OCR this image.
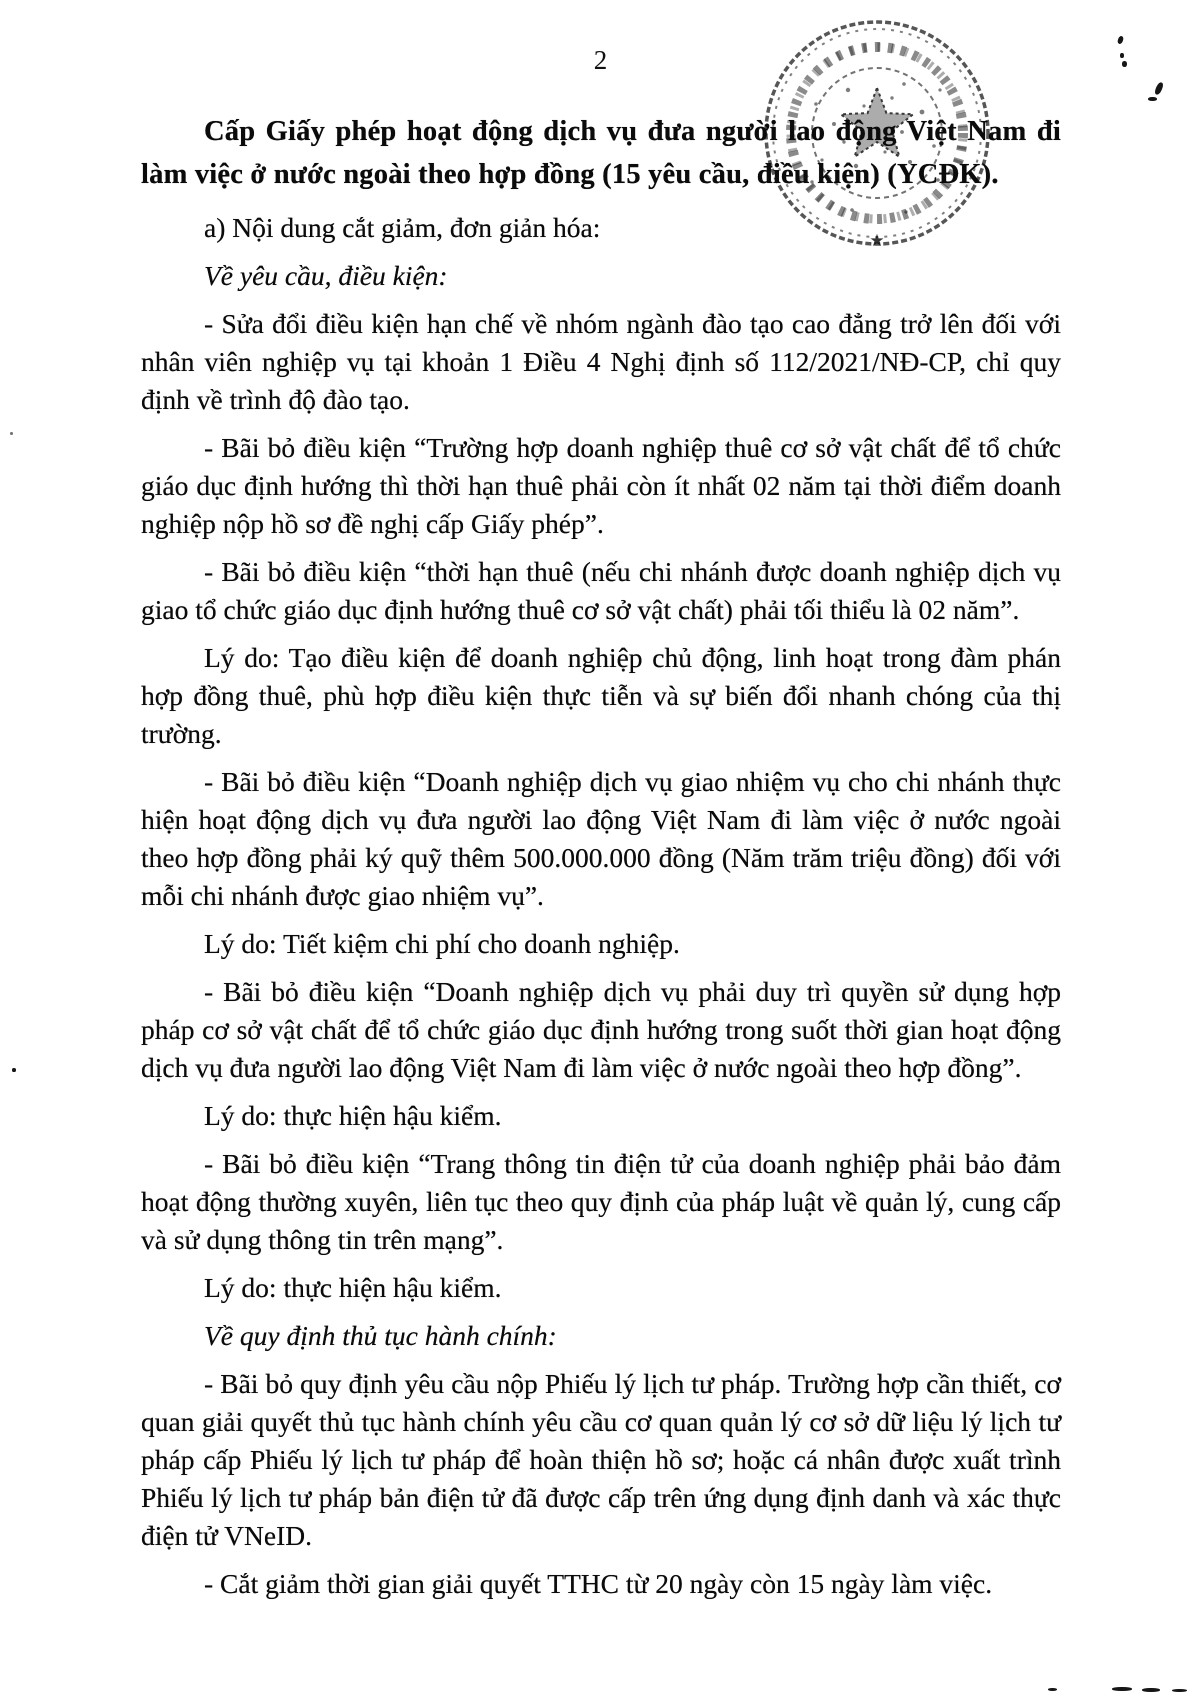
★
2

Cấp Giấy phép hoạt động dịch vụ đưa người lao động Việt Nam đi làm việc ở nước ngoài theo hợp đồng (15 yêu cầu, điều kiện) (YCĐK).

a) Nội dung cắt giảm, đơn giản hóa:

Về yêu cầu, điều kiện:

- Sửa đổi điều kiện hạn chế về nhóm ngành đào tạo cao đẳng trở lên đối với nhân viên nghiệp vụ tại khoản 1 Điều 4 Nghị định số 112/2021/NĐ-CP, chỉ quy định về trình độ đào tạo.

- Bãi bỏ điều kiện “Trường hợp doanh nghiệp thuê cơ sở vật chất để tổ chức giáo dục định hướng thì thời hạn thuê phải còn ít nhất 02 năm tại thời điểm doanh nghiệp nộp hồ sơ đề nghị cấp Giấy phép”.

- Bãi bỏ điều kiện “thời hạn thuê (nếu chi nhánh được doanh nghiệp dịch vụ giao tổ chức giáo dục định hướng thuê cơ sở vật chất) phải tối thiểu là 02 năm”.

Lý do: Tạo điều kiện để doanh nghiệp chủ động, linh hoạt trong đàm phán hợp đồng thuê, phù hợp điều kiện thực tiễn và sự biến đổi nhanh chóng của thị trường.

- Bãi bỏ điều kiện “Doanh nghiệp dịch vụ giao nhiệm vụ cho chi nhánh thực hiện hoạt động dịch vụ đưa người lao động Việt Nam đi làm việc ở nước ngoài theo hợp đồng phải ký quỹ thêm 500.000.000 đồng (Năm trăm triệu đồng) đối với mỗi chi nhánh được giao nhiệm vụ”.

Lý do: Tiết kiệm chi phí cho doanh nghiệp.

- Bãi bỏ điều kiện “Doanh nghiệp dịch vụ phải duy trì quyền sử dụng hợp pháp cơ sở vật chất để tổ chức giáo dục định hướng trong suốt thời gian hoạt động dịch vụ đưa người lao động Việt Nam đi làm việc ở nước ngoài theo hợp đồng”.

Lý do: thực hiện hậu kiểm.

- Bãi bỏ điều kiện “Trang thông tin điện tử của doanh nghiệp phải bảo đảm hoạt động thường xuyên, liên tục theo quy định của pháp luật về quản lý, cung cấp và sử dụng thông tin trên mạng”.

Lý do: thực hiện hậu kiểm.

Về quy định thủ tục hành chính:

- Bãi bỏ quy định yêu cầu nộp Phiếu lý lịch tư pháp. Trường hợp cần thiết, cơ quan giải quyết thủ tục hành chính yêu cầu cơ quan quản lý cơ sở dữ liệu lý lịch tư pháp cấp Phiếu lý lịch tư pháp để hoàn thiện hồ sơ; hoặc cá nhân được xuất trình Phiếu lý lịch tư pháp bản điện tử đã được cấp trên ứng dụng định danh và xác thực điện tử VNeID.

- Cắt giảm thời gian giải quyết TTHC từ 20 ngày còn 15 ngày làm việc.
